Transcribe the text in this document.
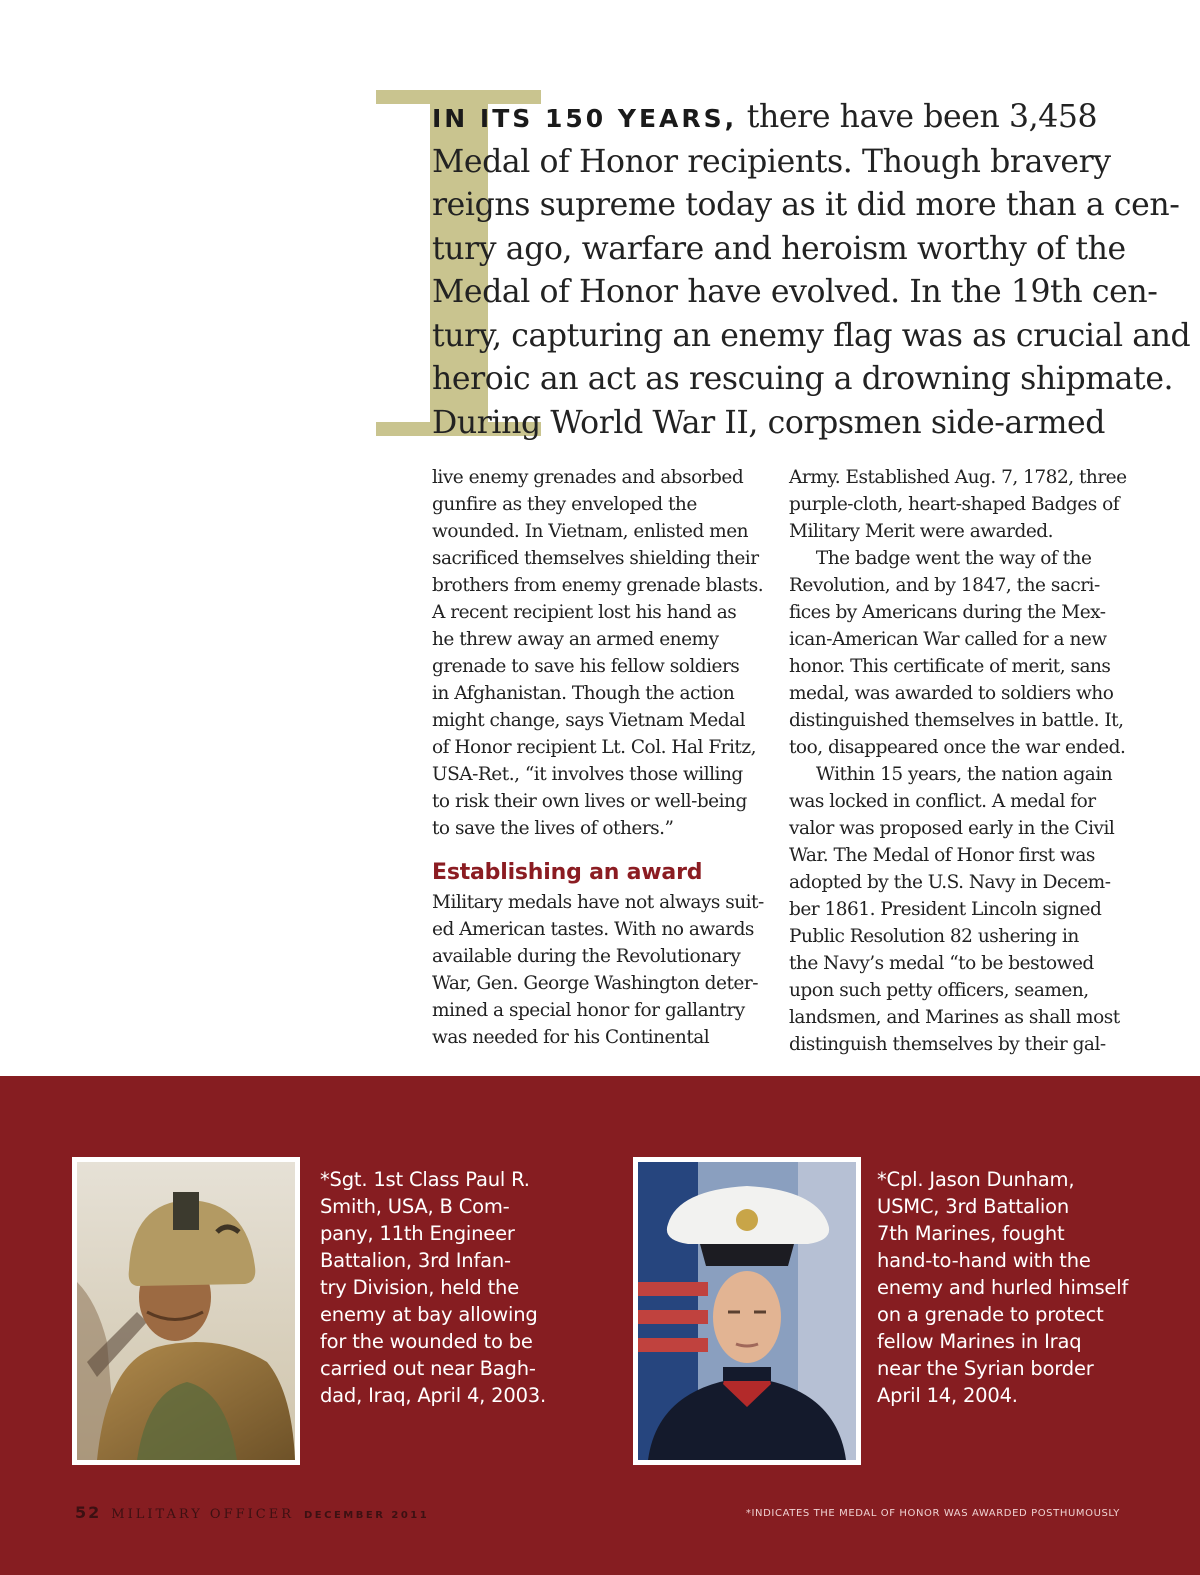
IN ITS 150 YEARS, there have been 3,458
Medal of Honor recipients. Though bravery
reigns supreme today as it did more than a cen-
tury ago, warfare and heroism worthy of the
Medal of Honor have evolved. In the 19th cen-
tury, capturing an enemy flag was as crucial and
heroic an act as rescuing a drowning shipmate.
During World War II, corpsmen side-armed
live enemy grenades and absorbed
gunfire as they enveloped the
wounded. In Vietnam, enlisted men
sacrificed themselves shielding their
brothers from enemy grenade blasts.
A recent recipient lost his hand as
he threw away an armed enemy
grenade to save his fellow soldiers
in Afghanistan. Though the action
might change, says Vietnam Medal
of Honor recipient Lt. Col. Hal Fritz,
USA-Ret., “it involves those willing
to risk their own lives or well-being
to save the lives of others.”
Establishing an award
Military medals have not always suit-
ed American tastes. With no awards
available during the Revolutionary
War, Gen. George Washington deter-
mined a special honor for gallantry
was needed for his Continental
Army. Established Aug. 7, 1782, three
purple-cloth, heart-shaped Badges of
Military Merit were awarded.
The badge went the way of the
Revolution, and by 1847, the sacri-
fices by Americans during the Mex-
ican-American War called for a new
honor. This certificate of merit, sans
medal, was awarded to soldiers who
distinguished themselves in battle. It,
too, disappeared once the war ended.
Within 15 years, the nation again
was locked in conflict. A medal for
valor was proposed early in the Civil
War. The Medal of Honor first was
adopted by the U.S. Navy in Decem-
ber 1861. President Lincoln signed
Public Resolution 82 ushering in
the Navy’s medal “to be bestowed
upon such petty officers, seamen,
landsmen, and Marines as shall most
distinguish themselves by their gal-
*Sgt. 1st Class Paul R.
Smith, USA, B Com-
pany, 11th Engineer
Battalion, 3rd Infan-
try Division, held the
enemy at bay allowing
for the wounded to be
carried out near Bagh-
dad, Iraq, April 4, 2003.
*Cpl. Jason Dunham,
USMC, 3rd Battalion
7th Marines, fought
hand-to-hand with the
enemy and hurled himself
on a grenade to protect
fellow Marines in Iraq
near the Syrian border
April 14, 2004.
52 MILITARY OFFICER DECEMBER 2011	*INDICATES THE MEDAL OF HONOR WAS AWARDED POSTHUMOUSLY
